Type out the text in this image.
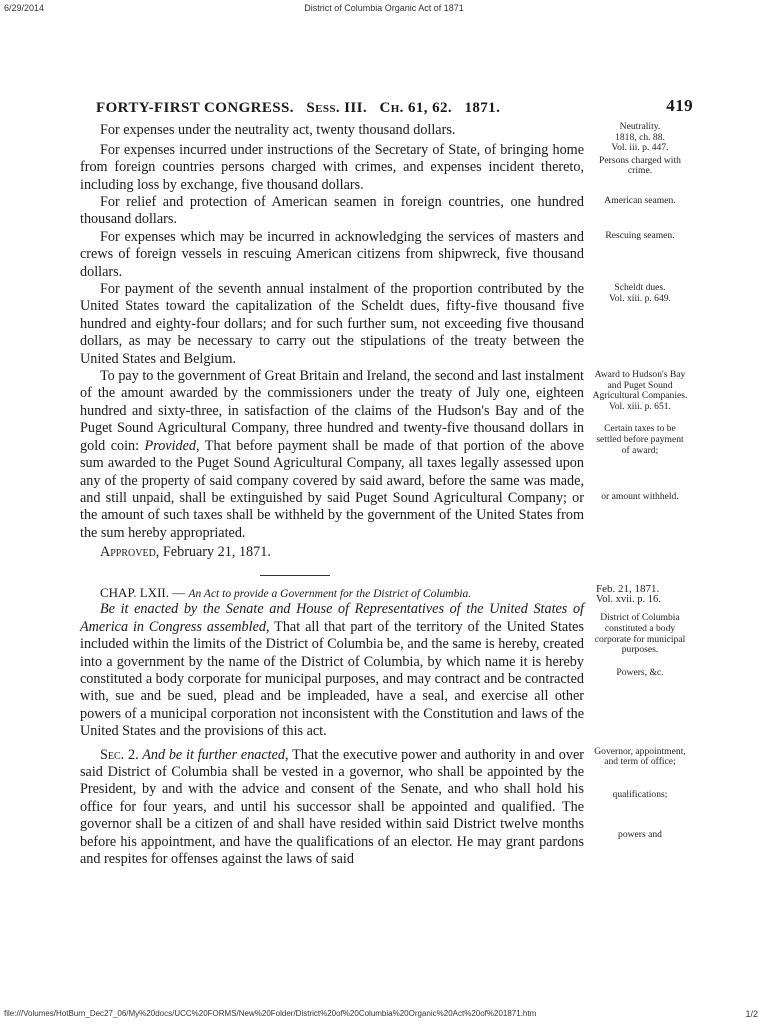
6/29/2014	District of Columbia Organic Act of 1871
FORTY-FIRST CONGRESS.   Sess. III.   Ch. 61, 62.   1871.	419
For expenses under the neutrality act, twenty thousand dollars.	Neutrality.
1818, ch. 88.
Vol. iii. p. 447.
For expenses incurred under instructions of the Secretary of State, of bringing home from foreign countries persons charged with crimes, and expenses incident thereto, including loss by exchange, five thousand dollars.
Persons charged with crime.
For relief and protection of American seamen in foreign countries, one hundred thousand dollars.
American seamen.
For expenses which may be incurred in acknowledging the services of masters and crews of foreign vessels in rescuing American citizens from shipwreck, five thousand dollars.
Rescuing seamen.
For payment of the seventh annual instalment of the proportion contributed by the United States toward the capitalization of the Scheldt dues, fifty-five thousand five hundred and eighty-four dollars; and for such further sum, not exceeding five thousand dollars, as may be necessary to carry out the stipulations of the treaty between the United States and Belgium.
Scheldt dues.
Vol. xiii. p. 649.
To pay to the government of Great Britain and Ireland, the second and last instalment of the amount awarded by the commissioners under the treaty of July one, eighteen hundred and sixty-three, in satisfaction of the claims of the Hudson's Bay and of the Puget Sound Agricultural Company, three hundred and twenty-five thousand dollars in gold coin: Provided, That before payment shall be made of that portion of the above sum awarded to the Puget Sound Agricultural Company, all taxes legally assessed upon any of the property of said company covered by said award, before the same was made, and still unpaid, shall be extinguished by said Puget Sound Agricultural Company; or the amount of such taxes shall be withheld by the government of the United States from the sum hereby appropriated.
Award to Hudson's Bay and Puget Sound Agricultural Companies.
Vol. xiii. p. 651.
Certain taxes to be settled before payment of award;
or amount withheld.
Approved, February 21, 1871.
CHAP. LXII. — An Act to provide a Government for the District of Columbia.	Feb. 21, 1871.
Vol. xvii. p. 16.
Be it enacted by the Senate and House of Representatives of the United States of America in Congress assembled, That all that part of the territory of the United States included within the limits of the District of Columbia be, and the same is hereby, created into a government by the name of the District of Columbia, by which name it is hereby constituted a body corporate for municipal purposes, and may contract and be contracted with, sue and be sued, plead and be impleaded, have a seal, and exercise all other powers of a municipal corporation not inconsistent with the Constitution and laws of the United States and the provisions of this act.
District of Columbia constituted a body corporate for municipal purposes.
Powers, &c.
Sec. 2. And be it further enacted, That the executive power and authority in and over said District of Columbia shall be vested in a governor, who shall be appointed by the President, by and with the advice and consent of the Senate, and who shall hold his office for four years, and until his successor shall be appointed and qualified. The governor shall be a citizen of and shall have resided within said District twelve months before his appointment, and have the qualifications of an elector. He may grant pardons and respites for offenses against the laws of said
Governor, appointment, and term of office;
qualifications;
powers and
file:///Volumes/HotBurn_Dec27_06/My%20docs/UCC%20FORMS/New%20Folder/District%20of%20Columbia%20Organic%20Act%20of%201871.htm	1/2
